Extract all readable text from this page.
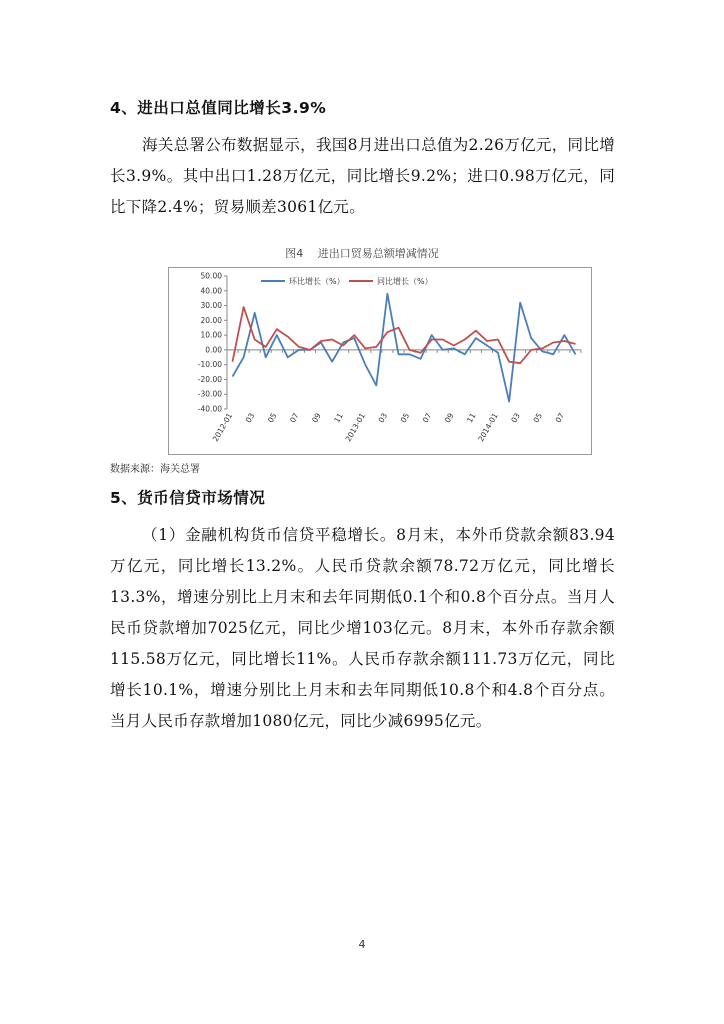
4、进出口总值同比增长3.9%

海关总署公布数据显示，我国8月进出口总值为2.26万亿元，同比增长3.9%。其中出口1.28万亿元，同比增长9.2%；进口0.98万亿元，同比下降2.4%；贸易顺差3061亿元。

图4　 进出口贸易总额增减情况
50.00
40.00
30.00
20.00
10.00
0.00
-10.00
-20.00
-30.00
-40.00
2012-01 03 05 07 09 11
2013-01 03 05 07 09 11
2014-01 03 05 07
环比增长（%）	同比增长（%）
数据来源：海关总署
5、货币信贷市场情况

（1）金融机构货币信贷平稳增长。8月末，本外币贷款余额83.94万亿元，同比增长13.2%。人民币贷款余额78.72万亿元，同比增长13.3%，增速分别比上月末和去年同期低0.1个和0.8个百分点。当月人民币贷款增加7025亿元，同比少增103亿元。8月末，本外币存款余额115.58万亿元，同比增长11%。人民币存款余额111.73万亿元，同比增长10.1%，增速分别比上月末和去年同期低10.8个和4.8个百分点。当月人民币存款增加1080亿元，同比少减6995亿元。

4
